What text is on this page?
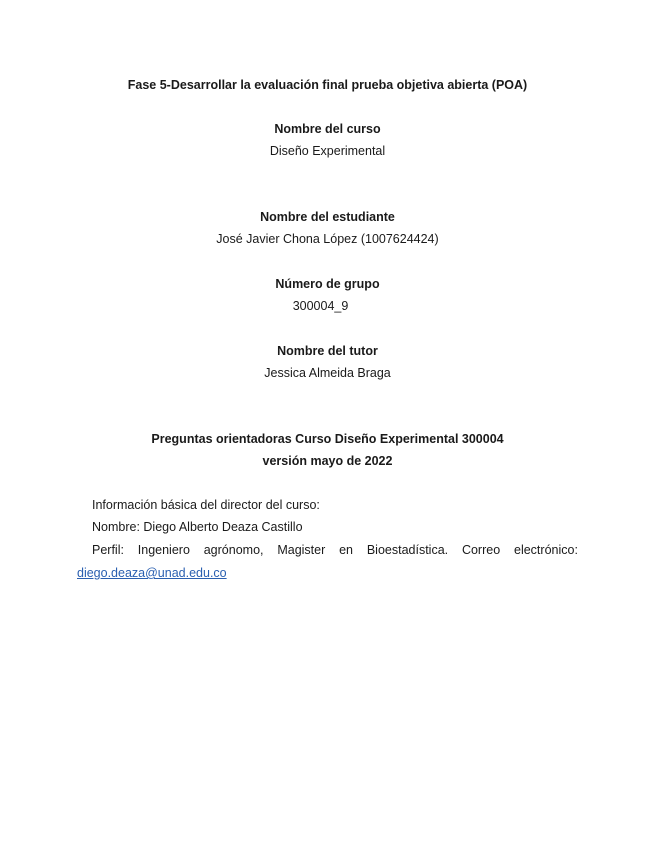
Fase 5-Desarrollar la evaluación final prueba objetiva abierta (POA)
Nombre del curso
Diseño Experimental
Nombre del estudiante
José Javier Chona López (1007624424)
Número de grupo
300004_9
Nombre del tutor
Jessica Almeida Braga
Preguntas orientadoras Curso Diseño Experimental 300004
versión mayo de 2022
Información básica del director del curso:
Nombre: Diego Alberto Deaza Castillo
Perfil: Ingeniero agrónomo, Magister en Bioestadística. Correo electrónico:
diego.deaza@unad.edu.co
